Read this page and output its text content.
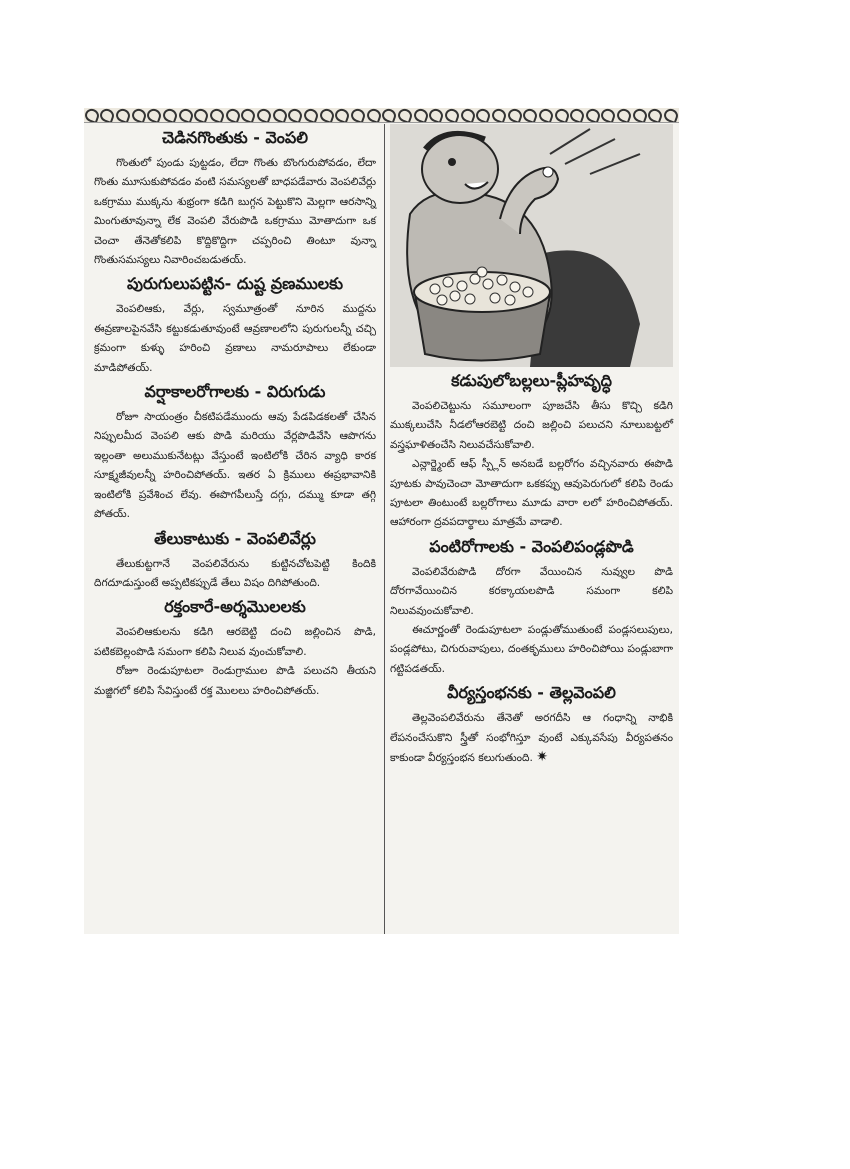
చెడినగొంతుకు - వెంపలి

గొంతులో పుండు పుట్టడం, లేదా గొంతు బొంగురుపోవడం, లేదా గొంతు మూసుకుపోవడం వంటి సమస్యలతో బాధపడేవారు వెంపలివేర్లు ఒకగ్రాము ముక్కను శుభ్రంగా కడిగి బుగ్గన పెట్టుకొని మెల్లగా ఆరసాన్ని మింగుతూవున్నా లేక వెంపలి వేరుపొడి ఒకగ్రాము మోతాదుగా ఒక చెంచా తేనెతోకలిపి కొద్దికొద్దిగా చప్పరించి తింటూ వున్నా గొంతుసమస్యలు నివారించబడుతయ్.

పురుగులుపట్టిన- దుష్ట వ్రణములకు

వెంపలిఆకు, వేర్లు, స్వమూత్రంతో నూరిన ముద్దను ఈవ్రణాలపైనవేసి కట్టుకడుతూవుంటే ఆవ్రణాలలోని పురుగులన్నీ చచ్చి క్రమంగా కుళ్ళు హరించి వ్రణాలు నామరూపాలు లేకుండా మాడిపోతయ్.

వర్షాకాలరోగాలకు - విరుగుడు

రోజూ సాయంత్రం చీకటిపడేముందు ఆవు పేడపిడకలతో చేసిన నిప్పులమీద వెంపలి ఆకు పొడి మరియు వేర్లపొడివేసి ఆపొగను ఇల్లంతా అలుముకునేటట్లు వేస్తుంటే ఇంటిలోకి చేరిన వ్యాధి కారక సూక్ష్మజీవులన్నీ హరించిపోతయ్. ఇతర ఏ క్రిములు ఈప్రభావానికి ఇంటిలోకి ప్రవేశించ లేవు. ఈపొగపీలుస్తే దగ్గు, దమ్ము కూడా తగ్గి పోతయ్.

తేలుకాటుకు - వెంపలివేర్లు

తేలుకుట్టగానే వెంపలివేరును కుట్టినచోటపెట్టి కిందికి దిగదూడుస్తుంటే అప్పటికప్పుడే తేలు విషం దిగిపోతుంది.

రక్తంకారే-అర్శమొలలకు

వెంపలిఆకులను కడిగి ఆరబెట్టి దంచి జల్లించిన పొడి, పటికబెల్లంపొడి సమంగా కలిపి నిలువ వుంచుకోవాలి.

రోజూ రెండుపూటలా రెండుగ్రాముల పొడి పలుచని తీయని మజ్జిగలో కలిపి సేవిస్తుంటే రక్త మొలలు హరించిపోతయ్.

కడుపులోబల్లలు-ప్లీహవృద్ధి

వెంపలిచెట్టును సమూలంగా పూజచేసి తీసు కొచ్చి కడిగి ముక్కలుచేసి నీడలోఆరబెట్టి దంచి జల్లించి పలుచని నూలుబట్టలో వస్త్రఘాళితంచేసి నిలువచేసుకోవాలి.

ఎన్లార్జ్మెంట్ ఆఫ్ స్ప్లీన్ అనబడే బల్లరోగం వచ్చినవారు ఈపొడి పూటకు పావుచెంచా మోతాదుగా ఒకకప్పు ఆవుపెరుగులో కలిపి రెండు పూటలా తింటుంటే బల్లరోగాలు మూడు వారా లలో హరించిపోతయ్. ఆహారంగా ద్రవపదార్థాలు మాత్రమే వాడాలి.

పంటిరోగాలకు - వెంపలిపండ్లపొడి

వెంపలివేరుపొడి దోరగా వేయించిన నువ్వుల పొడి దోరగావేయించిన కరక్కాయలపొడి సమంగా కలిపి నిలువవుంచుకోవాలి.

ఈచూర్ణంతో రెండుపూటలా పండ్లుతోముతుంటే పండ్లసలుపులు, పండ్లపోటు, చిగురువాపులు, దంతకృములు హరించిపోయి పండ్లుబాగా గట్టిపడతయ్.

వీర్యస్తంభనకు - తెల్లవెంపలి

తెల్లవెంపలివేరును తేనెతో అరగదీసి ఆ గంధాన్ని నాభికి లేపనంచేసుకొని స్త్రీతో సంభోగిస్తూ వుంటే ఎక్కువసేపు వీర్యపతనం కాకుండా వీర్యస్తంభన కలుగుతుంది. ✷
